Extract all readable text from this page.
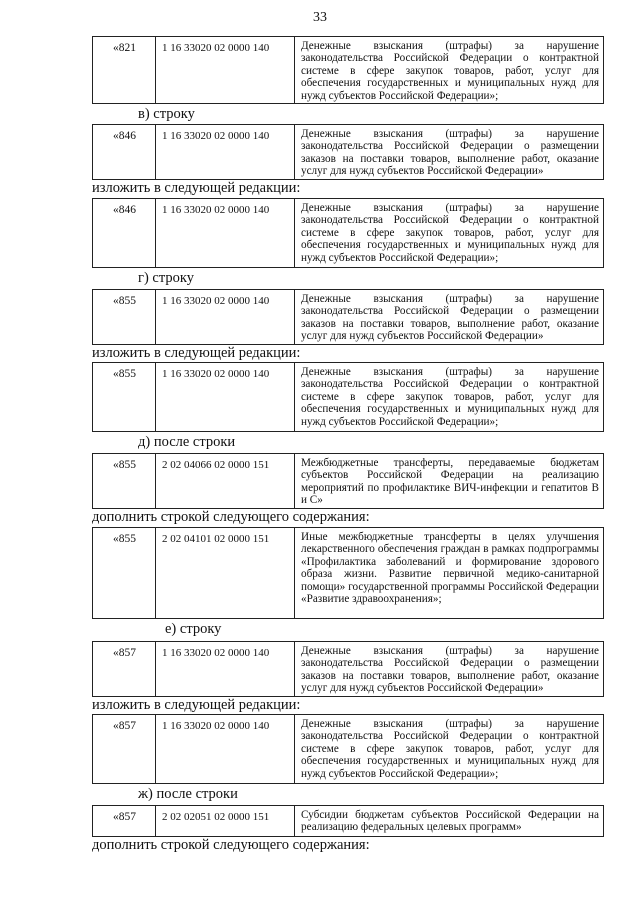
33
«821	1 16 33020 02 0000 140	Денежные взыскания (штрафы) за нарушение законодательства Российской Федерации о контрактной системе в сфере закупок товаров, работ, услуг для обеспечения государственных и муниципальных нужд для нужд субъектов Российской Федерации»;
в) строку
«846	1 16 33020 02 0000 140	Денежные взыскания (штрафы) за нарушение законодательства Российской Федерации о размещении заказов на поставки товаров, выполнение работ, оказание услуг для нужд субъектов Российской Федерации»
изложить в следующей редакции:
«846	1 16 33020 02 0000 140	Денежные взыскания (штрафы) за нарушение законодательства Российской Федерации о контрактной системе в сфере закупок товаров, работ, услуг для обеспечения государственных и муниципальных нужд для нужд субъектов Российской Федерации»;
г) строку
«855	1 16 33020 02 0000 140	Денежные взыскания (штрафы) за нарушение законодательства Российской Федерации о размещении заказов на поставки товаров, выполнение работ, оказание услуг для нужд субъектов Российской Федерации»
изложить в следующей редакции:
«855	1 16 33020 02 0000 140	Денежные взыскания (штрафы) за нарушение законодательства Российской Федерации о контрактной системе в сфере закупок товаров, работ, услуг для обеспечения государственных и муниципальных нужд для нужд субъектов Российской Федерации»;
д) после строки
«855	2 02 04066 02 0000 151	Межбюджетные трансферты, передаваемые бюджетам субъектов Российской Федерации на реализацию мероприятий по профилактике ВИЧ-инфекции и гепатитов В и С»
дополнить строкой следующего содержания:
«855	2 02 04101 02 0000 151	Иные межбюджетные трансферты в целях улучшения лекарственного обеспечения граждан в рамках подпрограммы «Профилактика заболеваний и формирование здорового образа жизни. Развитие первичной медико-санитарной помощи» государственной программы Российской Федерации «Развитие здравоохранения»;
е) строку
«857	1 16 33020 02 0000 140	Денежные взыскания (штрафы) за нарушение законодательства Российской Федерации о размещении заказов на поставки товаров, выполнение работ, оказание услуг для нужд субъектов Российской Федерации»
изложить в следующей редакции:
«857	1 16 33020 02 0000 140	Денежные взыскания (штрафы) за нарушение законодательства Российской Федерации о контрактной системе в сфере закупок товаров, работ, услуг для обеспечения государственных и муниципальных нужд для нужд субъектов Российской Федерации»;
ж) после строки
«857	2 02 02051 02 0000 151	Субсидии бюджетам субъектов Российской Федерации на реализацию федеральных целевых программ»
дополнить строкой следующего содержания:
